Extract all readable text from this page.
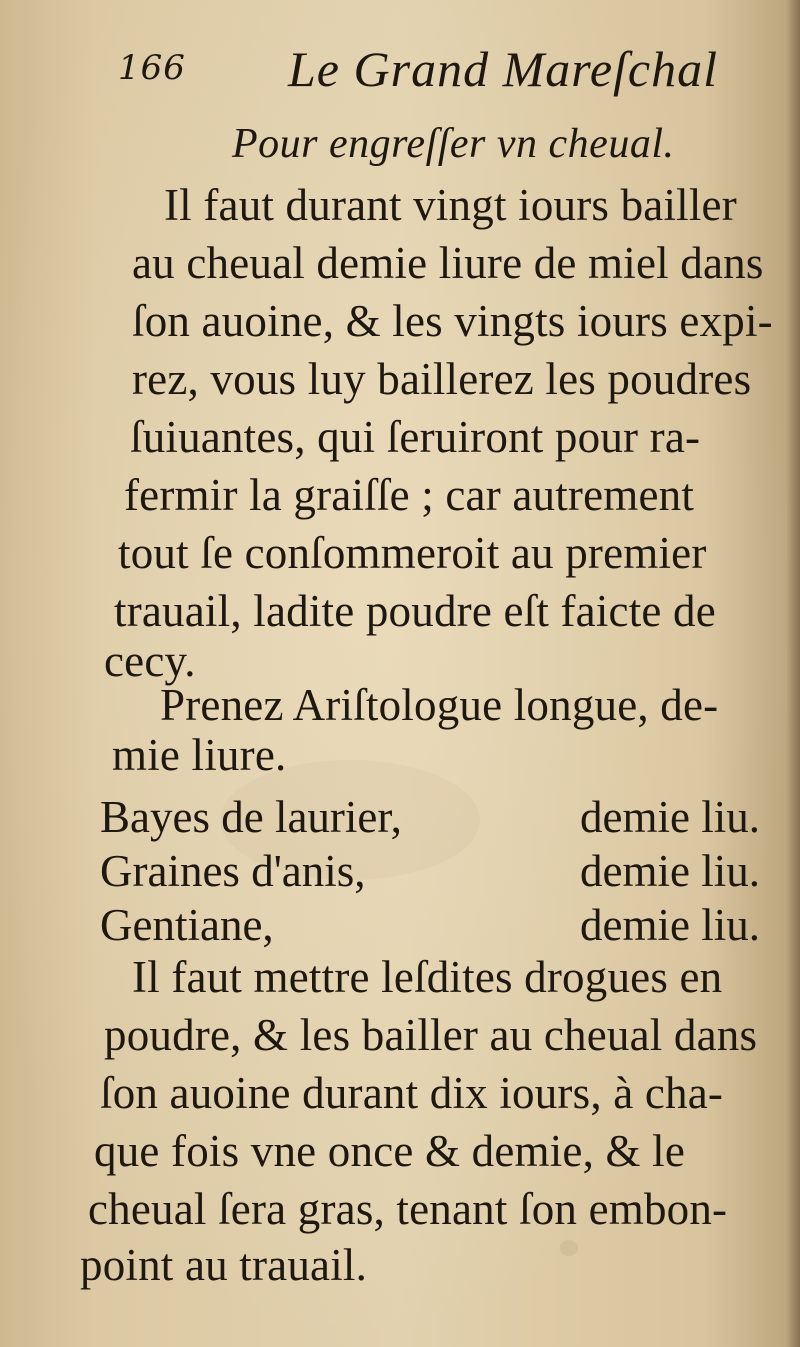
166 Le Grand Mareſchal
Pour engreſſer vn cheual.
Il faut durant vingt iours bailler
au cheual demie liure de miel dans
ſon auoine, & les vingts iours expi-
rez, vous luy baillerez les poudres
ſuiuantes, qui ſeruiront pour ra-
fermir la graiſſe ; car autrement
tout ſe conſommeroit au premier
trauail, ladite poudre eſt faicte de
cecy.
Prenez Ariſtologue longue, de-
mie liure.
Bayes de laurier,	demie liu.
Graines d'anis,	demie liu.
Gentiane,	demie liu.
Il faut mettre leſdites drogues en
poudre, & les bailler au cheual dans
ſon auoine durant dix iours, à cha-
que fois vne once & demie, & le
cheual ſera gras, tenant ſon embon-
point au trauail.
